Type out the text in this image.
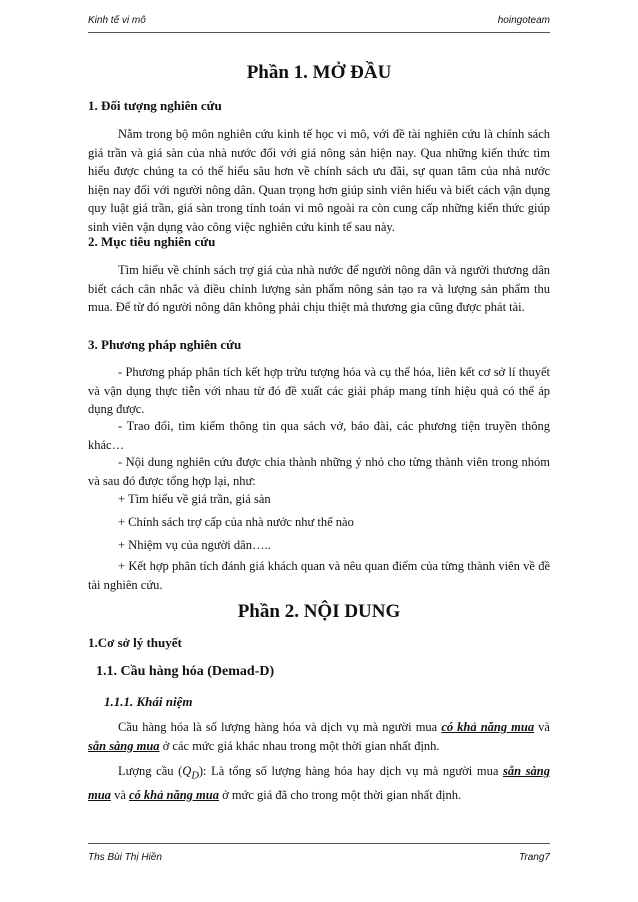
Kinh tế vi mô	hoingoteam
Phần 1. MỞ ĐẦU
1. Đối tượng nghiên cứu

Nằm trong bộ môn nghiên cứu kinh tế học vi mô, với đề tài nghiên cứu là chính sách giá trần và giá sàn của nhà nước đối với giá nông sản hiện nay. Qua những kiến thức tìm hiểu được chúng ta có thể hiểu sâu hơn về chính sách ưu đãi, sự quan tâm của nhà nước hiện nay đối với người nông dân. Quan trọng hơn giúp sinh viên hiểu và biết cách vận dụng quy luật giá trần, giá sàn trong tính toán vi mô ngoài ra còn cung cấp những kiến thức giúp sinh viên vận dụng vào công việc nghiên cứu kinh tế sau này.

2. Mục tiêu nghiên cứu

Tìm hiểu về chính sách trợ giá của nhà nước để người nông dân và người thương dân biết cách cân nhắc và điều chỉnh lượng sản phẩm nông sản tạo ra và lượng sản phẩm thu mua. Để từ đó người nông dân không phải chịu thiệt mà thương gia cũng được phát tài.

3. Phương pháp nghiên cứu

- Phương pháp phân tích kết hợp trừu tượng hóa và cụ thể hóa, liên kết cơ sở lí thuyết và vận dụng thực tiễn với nhau từ đó đề xuất các giải pháp mang tính hiệu quả có thể áp dụng được.

- Trao đổi, tìm kiếm thông tin qua sách vở, báo đài, các phương tiện truyền thông khác…

- Nội dung nghiên cứu được chia thành những ý nhỏ cho từng thành viên trong nhóm và sau đó được tổng hợp lại, như:

+ Tìm hiểu về giá trần, giá sàn
+ Chính sách trợ cấp của nhà nước như thế nào
+ Nhiệm vụ của người dân…..

+ Kết hợp phân tích đánh giá khách quan và nêu quan điểm của từng thành viên về đề tài nghiên cứu.

Phần 2. NỘI DUNG
1.Cơ sở lý thuyết
1.1. Cầu hàng hóa (Demad-D)
1.1.1. Khái niệm

Cầu hàng hóa là số lượng hàng hóa và dịch vụ mà người mua có khả năng mua và sẵn sàng mua ở các mức giá khác nhau trong một thời gian nhất định.

Lượng cầu $(Q_D)$: Là tổng số lượng hàng hóa hay dịch vụ mà người mua sẵn sàng mua và có khả năng mua ở mức giá đã cho trong một thời gian nhất định.

Ths Bùi Thị Hiền	Trang7
